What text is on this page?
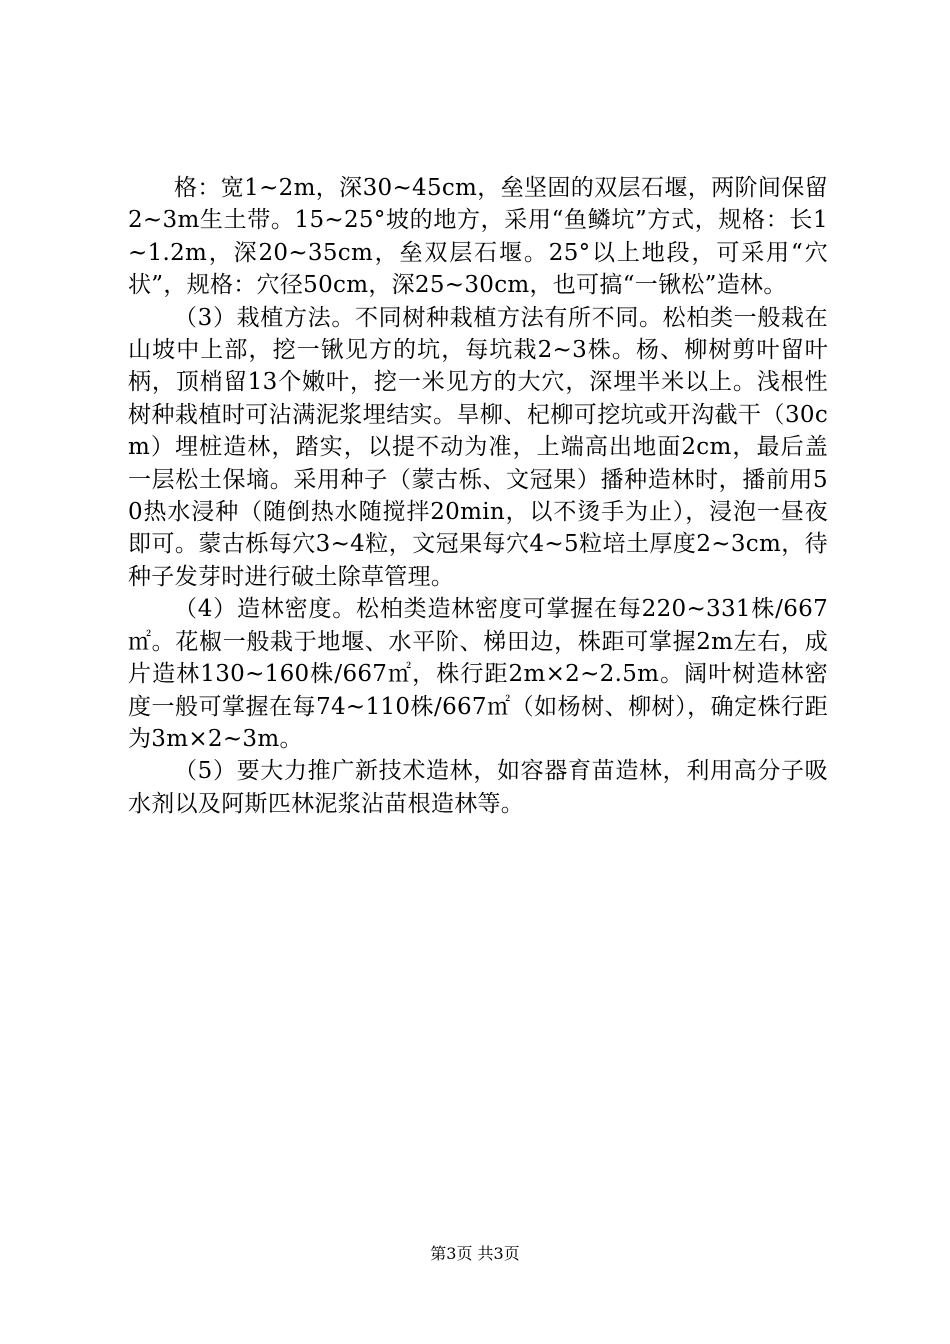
格：宽1~2m，深30~45cm，垒坚固的双层石堰，两阶间保留2~3m生土带。15~25°坡的地方，采用“鱼鳞坑”方式，规格：长1~1.2m，深20~35cm，垒双层石堰。25°以上地段，可采用“穴状”，规格：穴径50cm，深25~30cm，也可搞“一锹松”造林。

（3）栽植方法。不同树种栽植方法有所不同。松柏类一般栽在山坡中上部，挖一锹见方的坑，每坑栽2~3株。杨、柳树剪叶留叶柄，顶梢留13个嫩叶，挖一米见方的大穴，深埋半米以上。浅根性树种栽植时可沾满泥浆埋结实。旱柳、杞柳可挖坑或开沟截干（30cm）埋桩造林，踏实，以提不动为准，上端高出地面2cm，最后盖一层松土保墒。采用种子（蒙古栎、文冠果）播种造林时，播前用50热水浸种（随倒热水随搅拌20min，以不烫手为止），浸泡一昼夜即可。蒙古栎每穴3~4粒，文冠果每穴4~5粒培土厚度2~3cm，待种子发芽时进行破土除草管理。

（4）造林密度。松柏类造林密度可掌握在每220~331株/667㎡。花椒一般栽于地堰、水平阶、梯田边，株距可掌握2m左右，成片造林130~160株/667㎡，株行距2m×2~2.5m。阔叶树造林密度一般可掌握在每74~110株/667㎡（如杨树、柳树），确定株行距为3m×2~3m。

（5）要大力推广新技术造林，如容器育苗造林，利用高分子吸水剂以及阿斯匹林泥浆沾苗根造林等。

第3页 共3页
